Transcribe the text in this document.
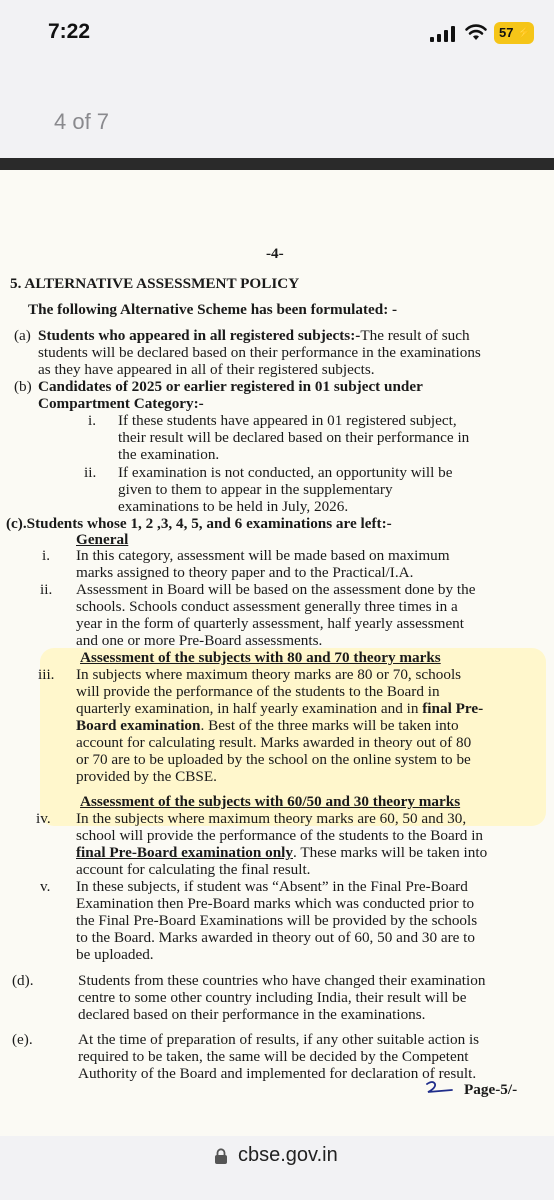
7:22	57 ⚡
4 of 7
-4-
5. ALTERNATIVE ASSESSMENT POLICY
The following Alternative Scheme has been formulated: -
(a) Students who appeared in all registered subjects:-The result of such
students will be declared based on their performance in the examinations
as they have appeared in all of their registered subjects.
(b) Candidates of 2025 or earlier registered in 01 subject under
Compartment Category:-
i. If these students have appeared in 01 registered subject,
their result will be declared based on their performance in
the examination.
ii. If examination is not conducted, an opportunity will be
given to them to appear in the supplementary
examinations to be held in July, 2026.
(c).Students whose 1, 2 ,3, 4, 5, and 6 examinations are left:-
General
i. In this category, assessment will be made based on maximum
marks assigned to theory paper and to the Practical/I.A.
ii. Assessment in Board will be based on the assessment done by the
schools. Schools conduct assessment generally three times in a
year in the form of quarterly assessment, half yearly assessment
and one or more Pre-Board assessments.
Assessment of the subjects with 80 and 70 theory marks
iii. In subjects where maximum theory marks are 80 or 70, schools
will provide the performance of the students to the Board in
quarterly examination, in half yearly examination and in final Pre-
Board examination. Best of the three marks will be taken into
account for calculating result. Marks awarded in theory out of 80
or 70 are to be uploaded by the school on the online system to be
provided by the CBSE.
Assessment of the subjects with 60/50 and 30 theory marks
iv. In the subjects where maximum theory marks are 60, 50 and 30,
school will provide the performance of the students to the Board in
final Pre-Board examination only. These marks will be taken into
account for calculating the final result.
v. In these subjects, if student was “Absent” in the Final Pre-Board
Examination then Pre-Board marks which was conducted prior to
the Final Pre-Board Examinations will be provided by the schools
to the Board. Marks awarded in theory out of 60, 50 and 30 are to
be uploaded.
(d).	Students from these countries who have changed their examination
centre to some other country including India, their result will be
declared based on their performance in the examinations.
(e).	At the time of preparation of results, if any other suitable action is
required to be taken, the same will be decided by the Competent
Authority of the Board and implemented for declaration of result.
Page-5/-
cbse.gov.in
